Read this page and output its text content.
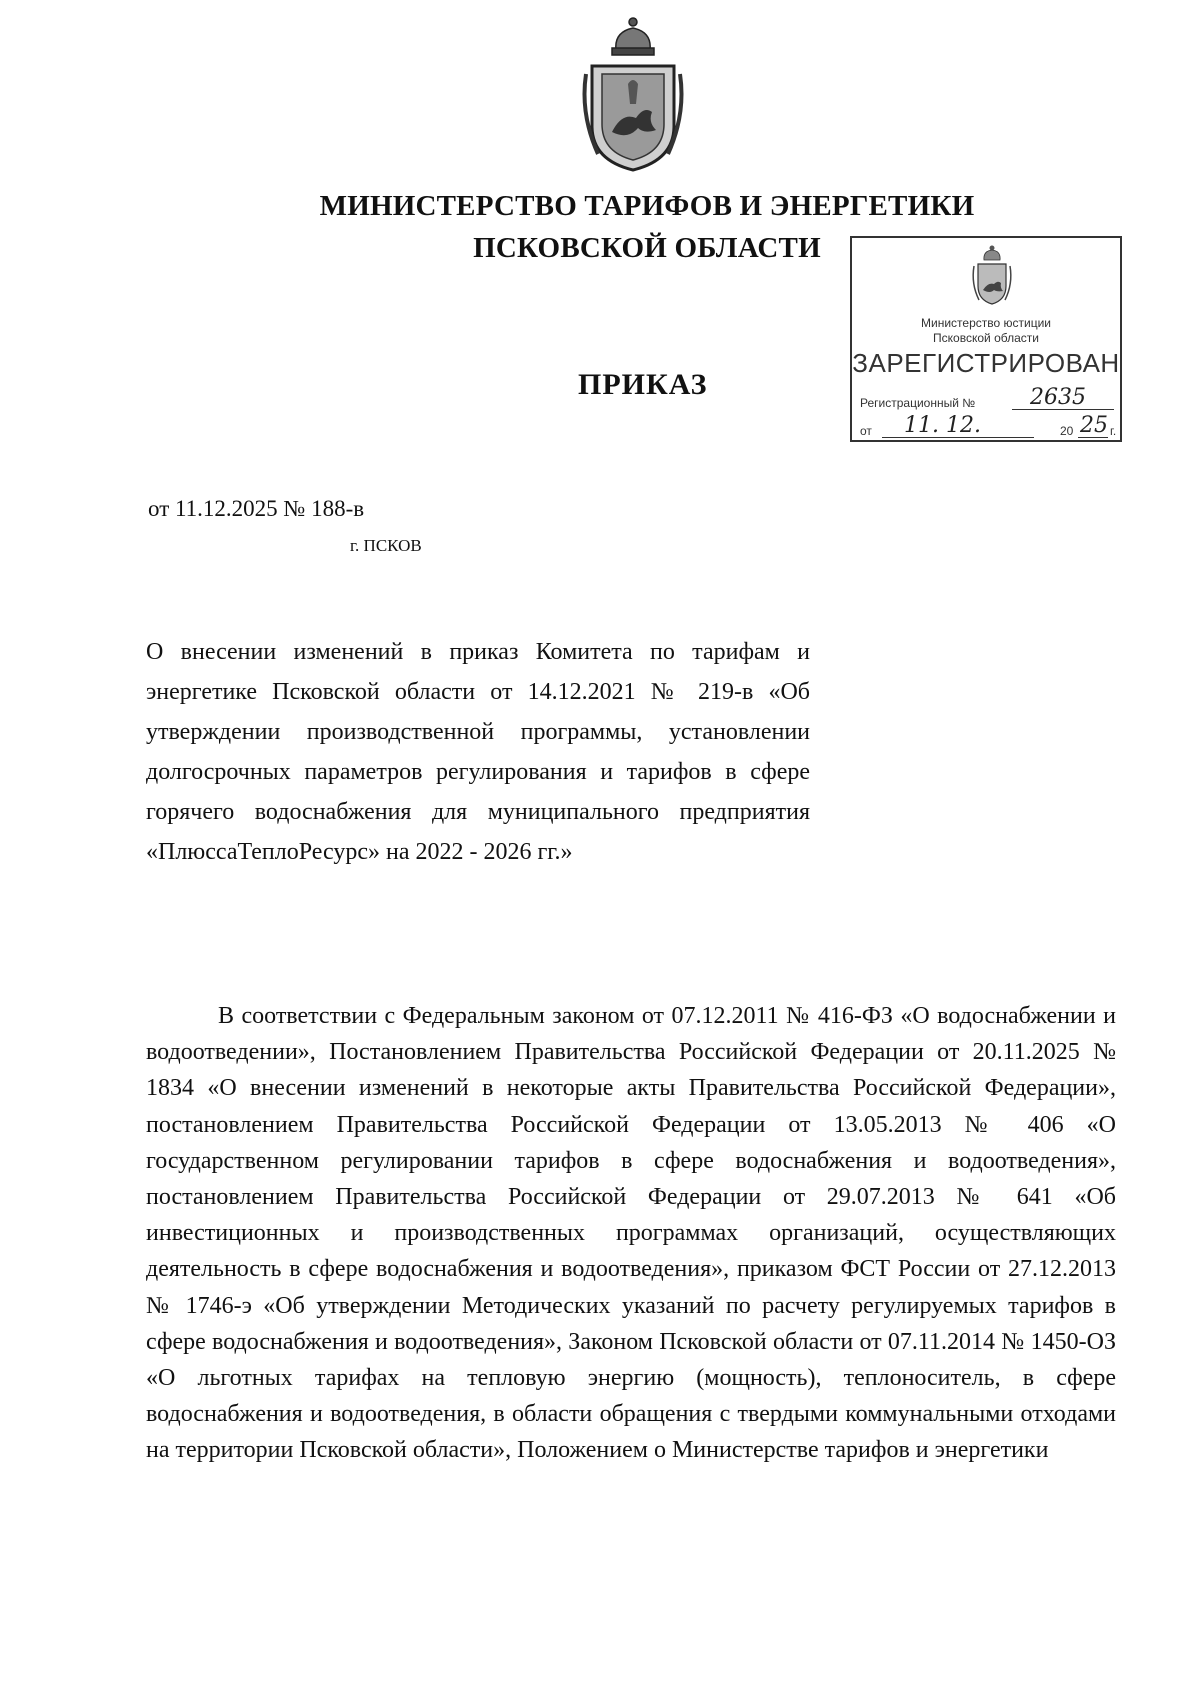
МИНИСТЕРСТВО ТАРИФОВ И ЭНЕРГЕТИКИ
ПСКОВСКОЙ ОБЛАСТИ
Министерство юстиции
Псковской области
ЗАРЕГИСТРИРОВАН
Регистрационный № 2635
от 11. 12.	20 25 г.
ПРИКАЗ
от 11.12.2025 № 188-в
г. ПСКОВ
О внесении изменений в приказ Комитета по тарифам и энергетике Псковской области от 14.12.2021 № 219-в «Об утверждении производственной программы, установлении долгосрочных параметров регулирования и тарифов в сфере горячего водоснабжения для муниципального предприятия «ПлюссаТеплоРесурс» на 2022 - 2026 гг.»
В соответствии с Федеральным законом от 07.12.2011 № 416-ФЗ «О водоснабжении и водоотведении», Постановлением Правительства Российской Федерации от 20.11.2025 № 1834 «О внесении изменений в некоторые акты Правительства Российской Федерации», постановлением Правительства Российской Федерации от 13.05.2013 № 406 «О государственном регулировании тарифов в сфере водоснабжения и водоотведения», постановлением Правительства Российской Федерации от 29.07.2013 № 641 «Об инвестиционных и производственных программах организаций, осуществляющих деятельность в сфере водоснабжения и водоотведения», приказом ФСТ России от 27.12.2013 № 1746-э «Об утверждении Методических указаний по расчету регулируемых тарифов в сфере водоснабжения и водоотведения», Законом Псковской области от 07.11.2014 № 1450-ОЗ «О льготных тарифах на тепловую энергию (мощность), теплоноситель, в сфере водоснабжения и водоотведения, в области обращения с твердыми коммунальными отходами на территории Псковской области», Положением о Министерстве тарифов и энергетики
